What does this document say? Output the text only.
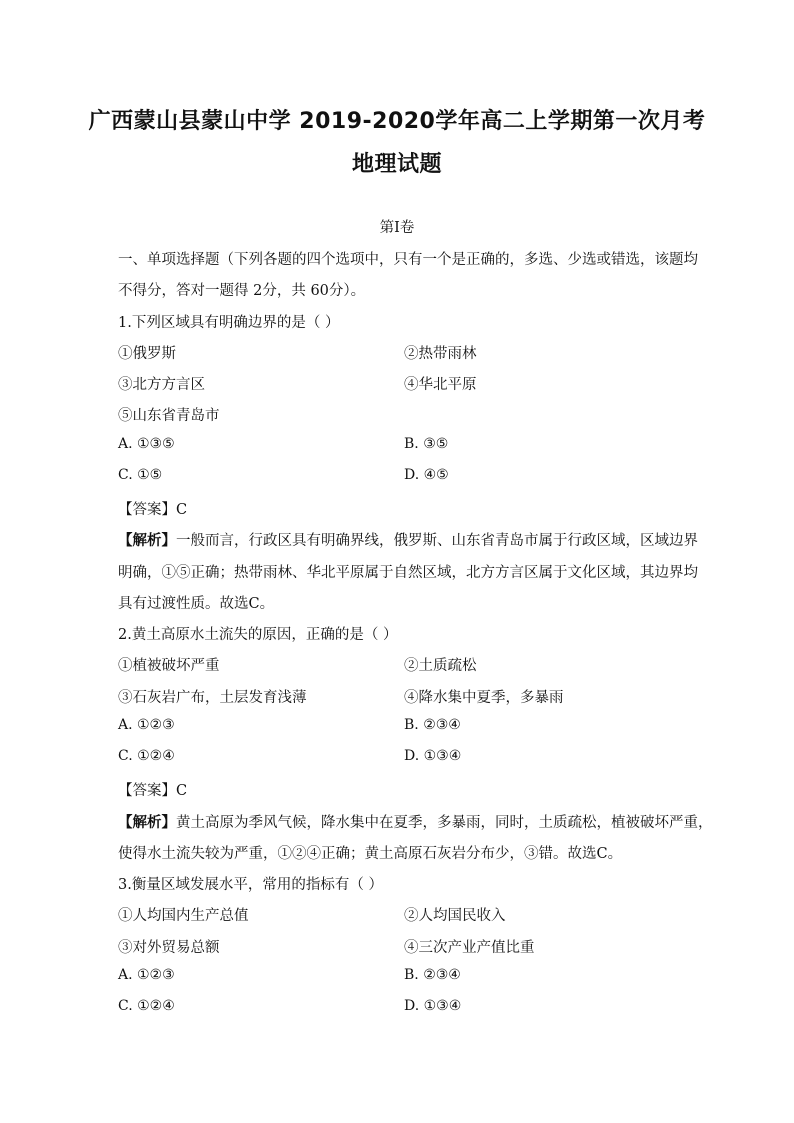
广西蒙山县蒙山中学 2019-2020学年高二上学期第一次月考
地理试题
第Ⅰ卷
一、单项选择题（下列各题的四个选项中，只有一个是正确的，多选、少选或错选，该题均
不得分，答对一题得 2分，共 60分）。
1.下列区域具有明确边界的是（ ）
①俄罗斯	②热带雨林
③北方方言区	④华北平原
⑤山东省青岛市
A. ①③⑤	B. ③⑤
C. ①⑤	D. ④⑤
【答案】C
【解析】一般而言，行政区具有明确界线，俄罗斯、山东省青岛市属于行政区域，区域边界
明确，①⑤正确；热带雨林、华北平原属于自然区域，北方方言区属于文化区域，其边界均
具有过渡性质。故选C。
2.黄土高原水土流失的原因，正确的是（ ）
①植被破坏严重	②土质疏松
③石灰岩广布，土层发育浅薄	④降水集中夏季，多暴雨
A. ①②③	B. ②③④
C. ①②④	D. ①③④
【答案】C
【解析】黄土高原为季风气候，降水集中在夏季，多暴雨，同时，土质疏松，植被破坏严重，
使得水土流失较为严重，①②④正确；黄土高原石灰岩分布少，③错。故选C。
3.衡量区域发展水平，常用的指标有（ ）
①人均国内生产总值	②人均国民收入
③对外贸易总额	④三次产业产值比重
A. ①②③	B. ②③④
C. ①②④	D. ①③④
